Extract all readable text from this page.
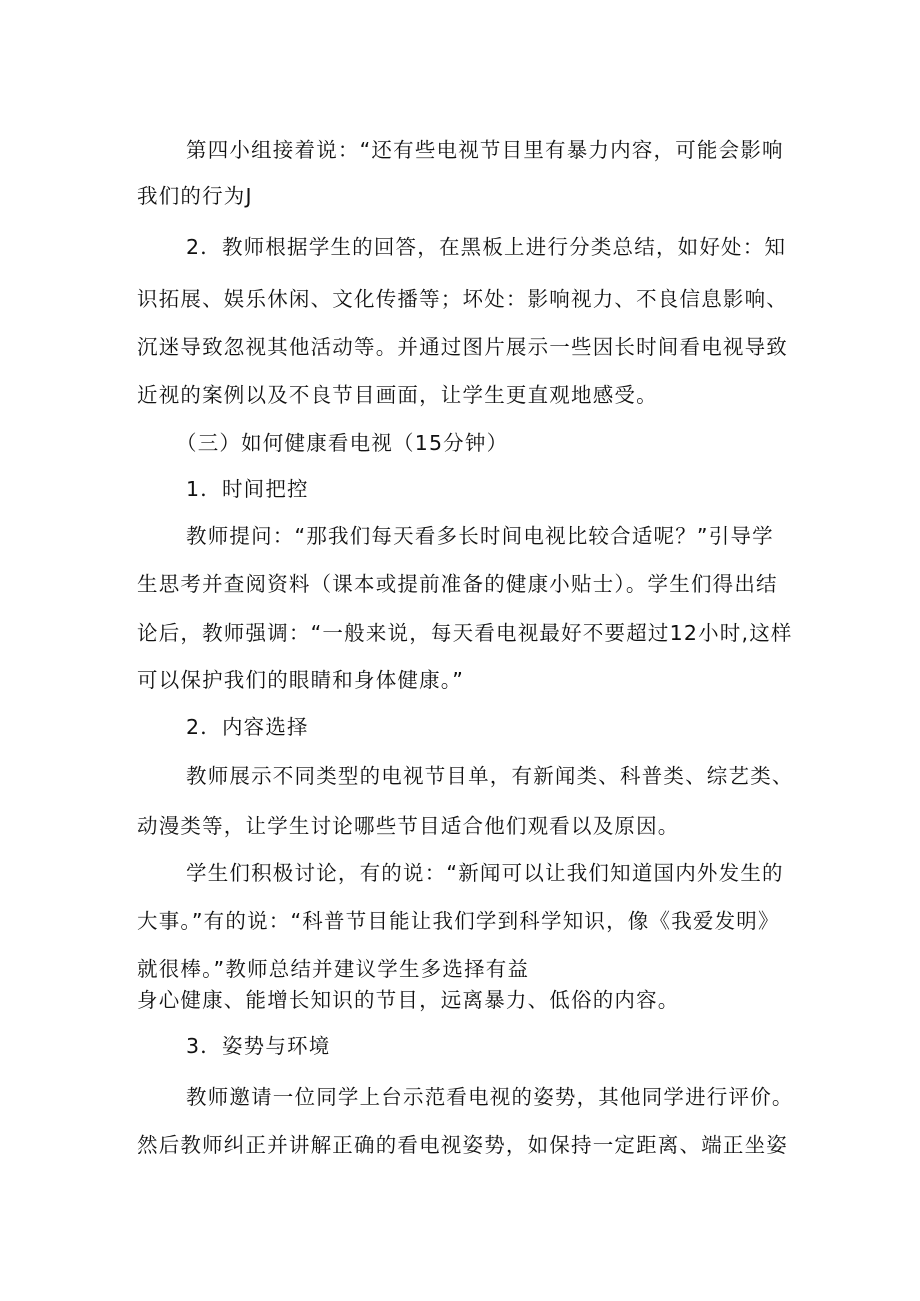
第四小组接着说：“还有些电视节目里有暴力内容，可能会影响

我们的行为J

2．教师根据学生的回答，在黑板上进行分类总结，如好处：知

识拓展、娱乐休闲、文化传播等；坏处：影响视力、不良信息影响、

沉迷导致忽视其他活动等。并通过图片展示一些因长时间看电视导致

近视的案例以及不良节目画面，让学生更直观地感受。

（三）如何健康看电视（15分钟）

1．时间把控

教师提问：“那我们每天看多长时间电视比较合适呢？”引导学

生思考并查阅资料（课本或提前准备的健康小贴士）。学生们得出结

论后，教师强调：“一般来说，每天看电视最好不要超过12小时,这样

可以保护我们的眼睛和身体健康。”

2．内容选择

教师展示不同类型的电视节目单，有新闻类、科普类、综艺类、

动漫类等，让学生讨论哪些节目适合他们观看以及原因。

学生们积极讨论，有的说：“新闻可以让我们知道国内外发生的

大事。”有的说：“科普节目能让我们学到科学知识，像《我爱发明》

就很棒。”教师总结并建议学生多选择有益

身心健康、能增长知识的节目，远离暴力、低俗的内容。

3．姿势与环境

教师邀请一位同学上台示范看电视的姿势，其他同学进行评价。

然后教师纠正并讲解正确的看电视姿势，如保持一定距离、端正坐姿
